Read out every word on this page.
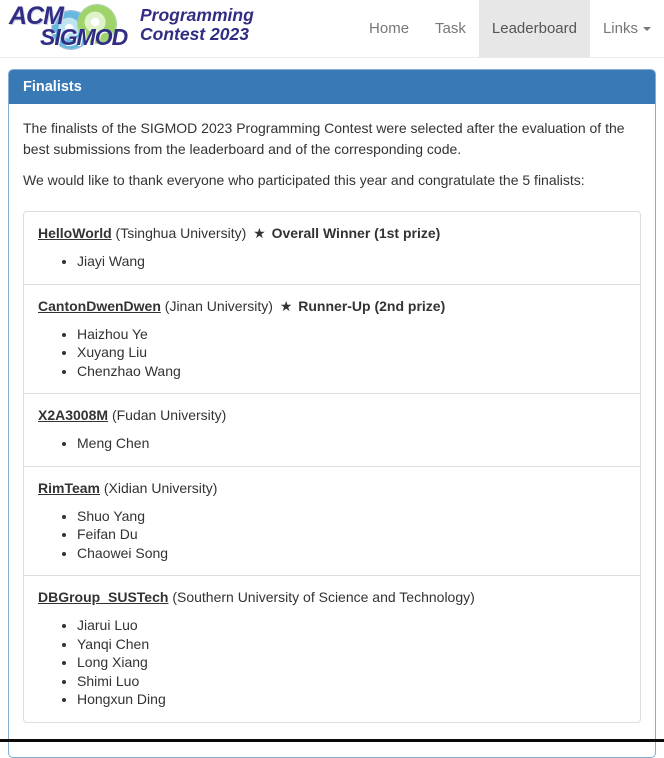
ACM
SIGMOD
Programming
Contest 2023	Home Task Leaderboard Links
Finalists

The finalists of the SIGMOD 2023 Programming Contest were selected after the evaluation of the best submissions from the leaderboard and of the corresponding code.

We would like to thank everyone who participated this year and congratulate the 5 finalists:

HelloWorld (Tsinghua University) ★ Overall Winner (1st prize)
• Jiayi Wang
CantonDwenDwen (Jinan University) ★ Runner-Up (2nd prize)
• Haizhou Ye
• Xuyang Liu
• Chenzhao Wang
X2A3008M (Fudan University)
• Meng Chen
RimTeam (Xidian University)
• Shuo Yang
• Feifan Du
• Chaowei Song
DBGroup_SUSTech (Southern University of Science and Technology)
• Jiarui Luo
• Yanqi Chen
• Long Xiang
• Shimi Luo
• Hongxun Ding
